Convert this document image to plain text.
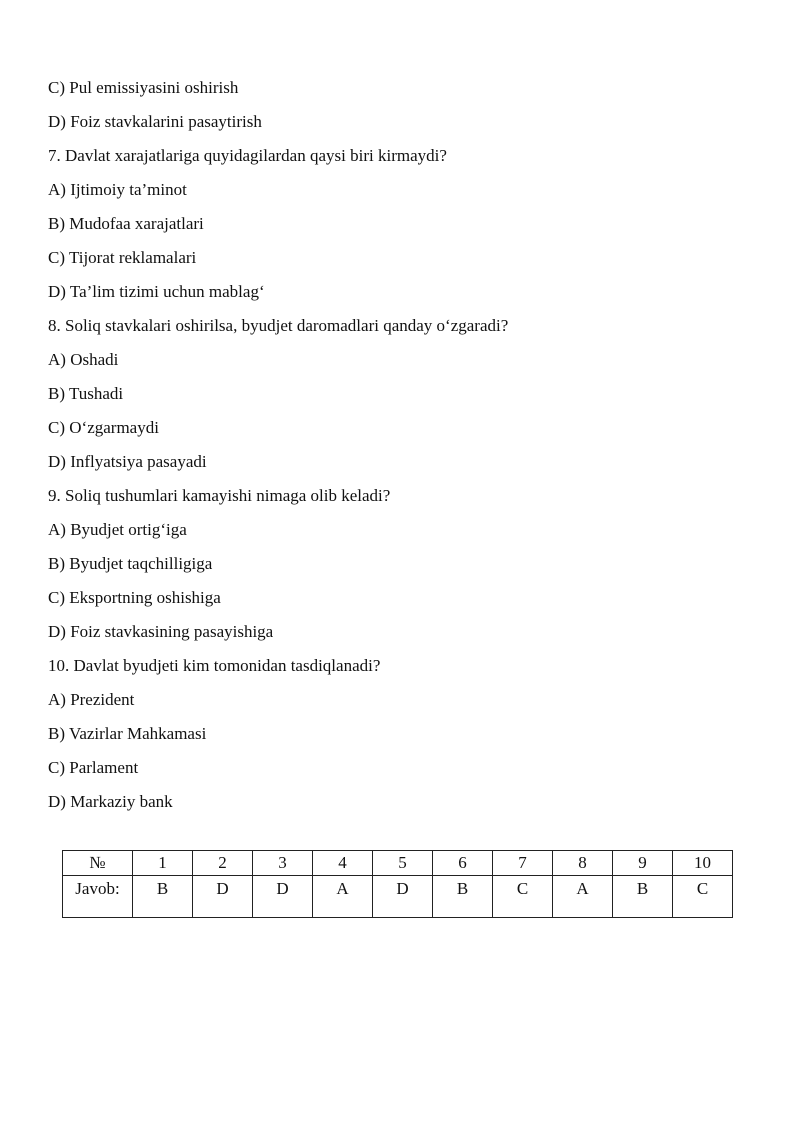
C) Pul emissiyasini oshirish
D) Foiz stavkalarini pasaytirish
7. Davlat xarajatlariga quyidagilardan qaysi biri kirmaydi?
A) Ijtimoiy ta’minot
B) Mudofaa xarajatlari
C) Tijorat reklamalari
D) Ta’lim tizimi uchun mablag‘
8. Soliq stavkalari oshirilsa, byudjet daromadlari qanday o‘zgaradi?
A) Oshadi
B) Tushadi
C) O‘zgarmaydi
D) Inflyatsiya pasayadi
9. Soliq tushumlari kamayishi nimaga olib keladi?
A) Byudjet ortig‘iga
B) Byudjet taqchilligiga
C) Eksportning oshishiga
D) Foiz stavkasining pasayishiga
10. Davlat byudjeti kim tomonidan tasdiqlanadi?
A) Prezident
B) Vazirlar Mahkamasi
C) Parlament
D) Markaziy bank
№	1	2	3	4	5	6	7	8	9	10
Javob:	B	D	D	A	D	B	C	A	B	C
